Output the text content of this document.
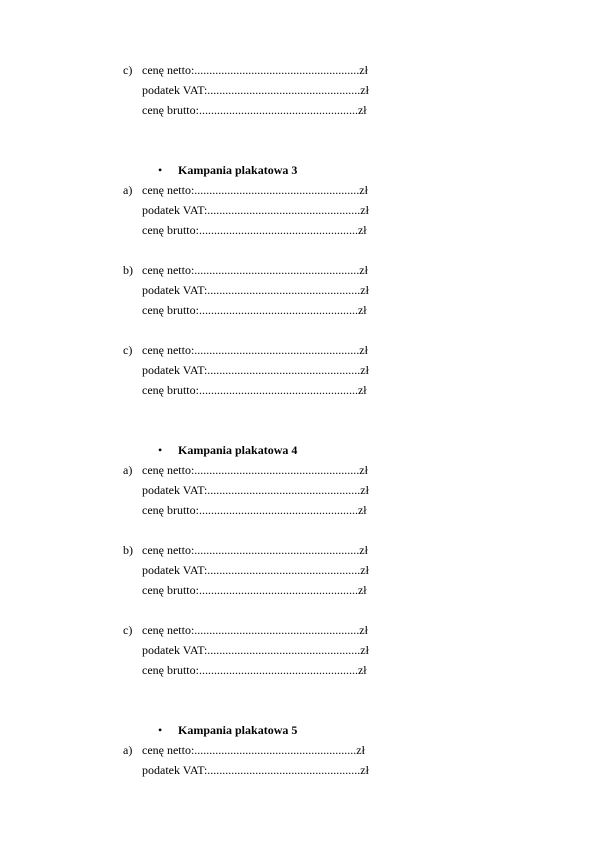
c) cenę netto:.......................................................zł
podatek VAT:...................................................zł
cenę brutto:.....................................................zł
• Kampania plakatowa 3
a) cenę netto:.......................................................zł
podatek VAT:...................................................zł
cenę brutto:.....................................................zł
b) cenę netto:.......................................................zł
podatek VAT:...................................................zł
cenę brutto:.....................................................zł
c) cenę netto:.......................................................zł
podatek VAT:...................................................zł
cenę brutto:.....................................................zł
• Kampania plakatowa 4
a) cenę netto:.......................................................zł
podatek VAT:...................................................zł
cenę brutto:.....................................................zł
b) cenę netto:.......................................................zł
podatek VAT:...................................................zł
cenę brutto:.....................................................zł
c) cenę netto:.......................................................zł
podatek VAT:...................................................zł
cenę brutto:.....................................................zł
• Kampania plakatowa 5
a) cenę netto:......................................................zł
podatek VAT:...................................................zł
